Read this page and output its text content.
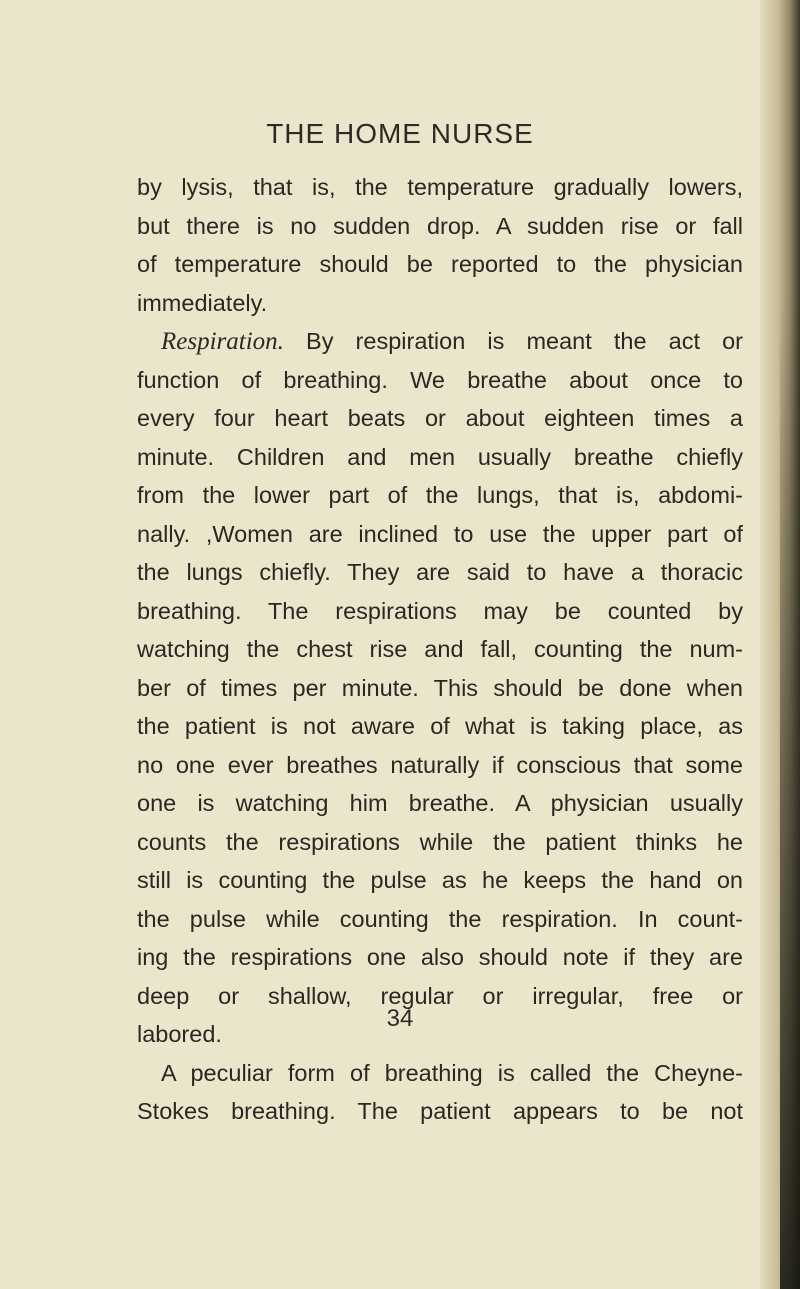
THE HOME NURSE
by lysis, that is, the temperature gradually lowers,
but there is no sudden drop. A sudden rise or fall
of temperature should be reported to the physician
immediately.
Respiration. By respiration is meant the act or
function of breathing. We breathe about once to
every four heart beats or about eighteen times a
minute. Children and men usually breathe chiefly
from the lower part of the lungs, that is, abdomi-
nally. ,Women are inclined to use the upper part of
the lungs chiefly. They are said to have a thoracic
breathing. The respirations may be counted by
watching the chest rise and fall, counting the num-
ber of times per minute. This should be done when
the patient is not aware of what is taking place, as
no one ever breathes naturally if conscious that some
one is watching him breathe. A physician usually
counts the respirations while the patient thinks he
still is counting the pulse as he keeps the hand on
the pulse while counting the respiration. In count-
ing the respirations one also should note if they are
deep or shallow, regular or irregular, free or
labored.
A peculiar form of breathing is called the Cheyne-
Stokes breathing. The patient appears to be not
34
